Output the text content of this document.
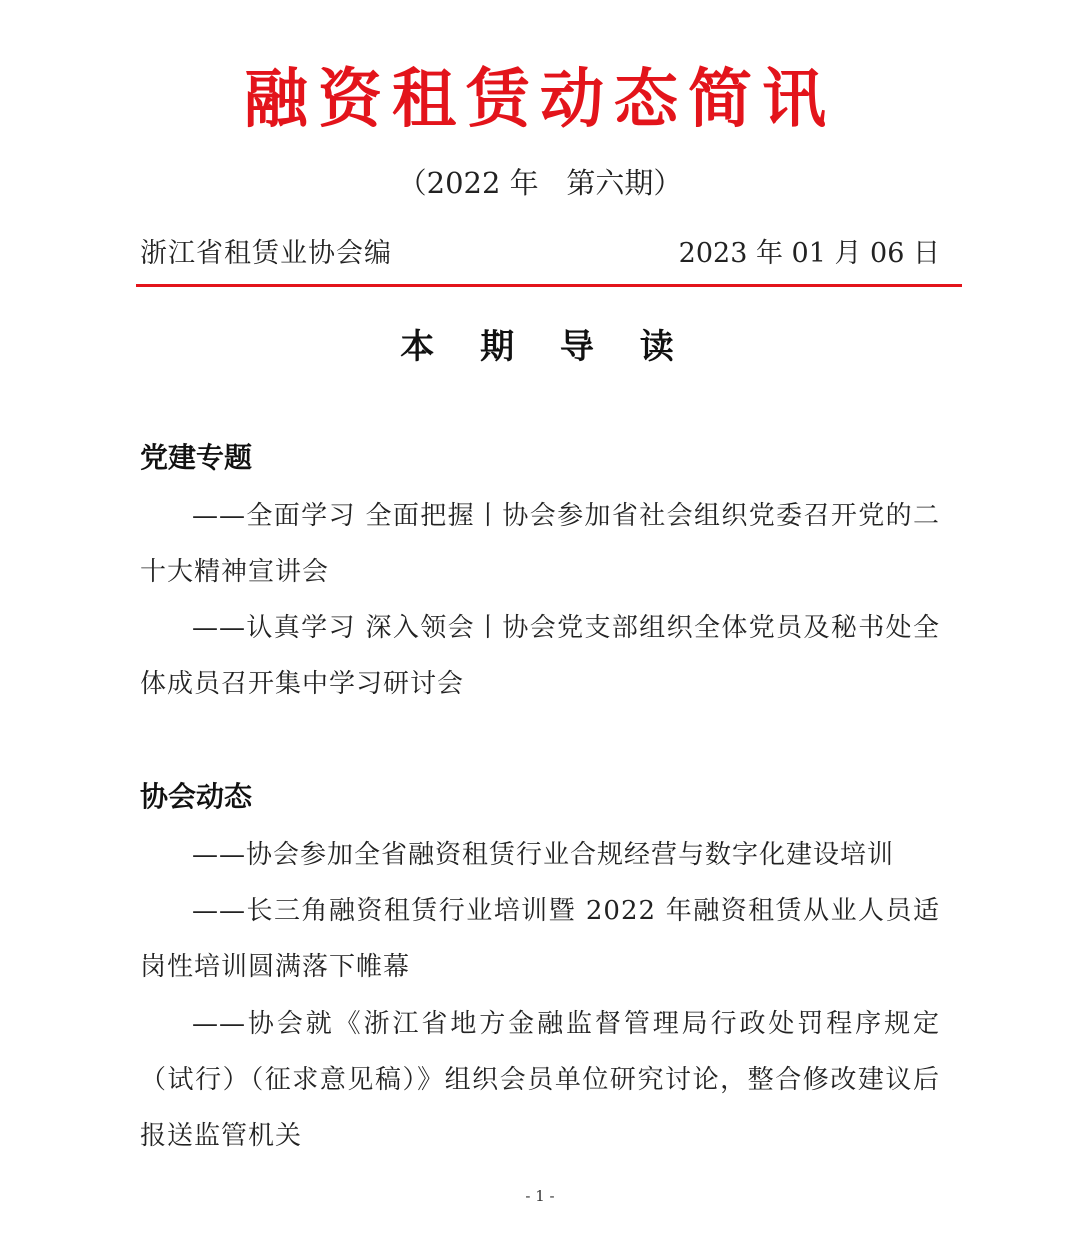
融资租赁动态简讯
（2022 年   第六期）
浙江省租赁业协会编	2023 年 01 月 06 日
本 期 导 读
党建专题
——全面学习 全面把握丨协会参加省社会组织党委召开党的二十大精神宣讲会
——认真学习 深入领会丨协会党支部组织全体党员及秘书处全体成员召开集中学习研讨会
协会动态
——协会参加全省融资租赁行业合规经营与数字化建设培训
——长三角融资租赁行业培训暨 2022 年融资租赁从业人员适岗性培训圆满落下帷幕
——协会就《浙江省地方金融监督管理局行政处罚程序规定（试行）（征求意见稿）》组织会员单位研究讨论，整合修改建议后报送监管机关
- 1 -
